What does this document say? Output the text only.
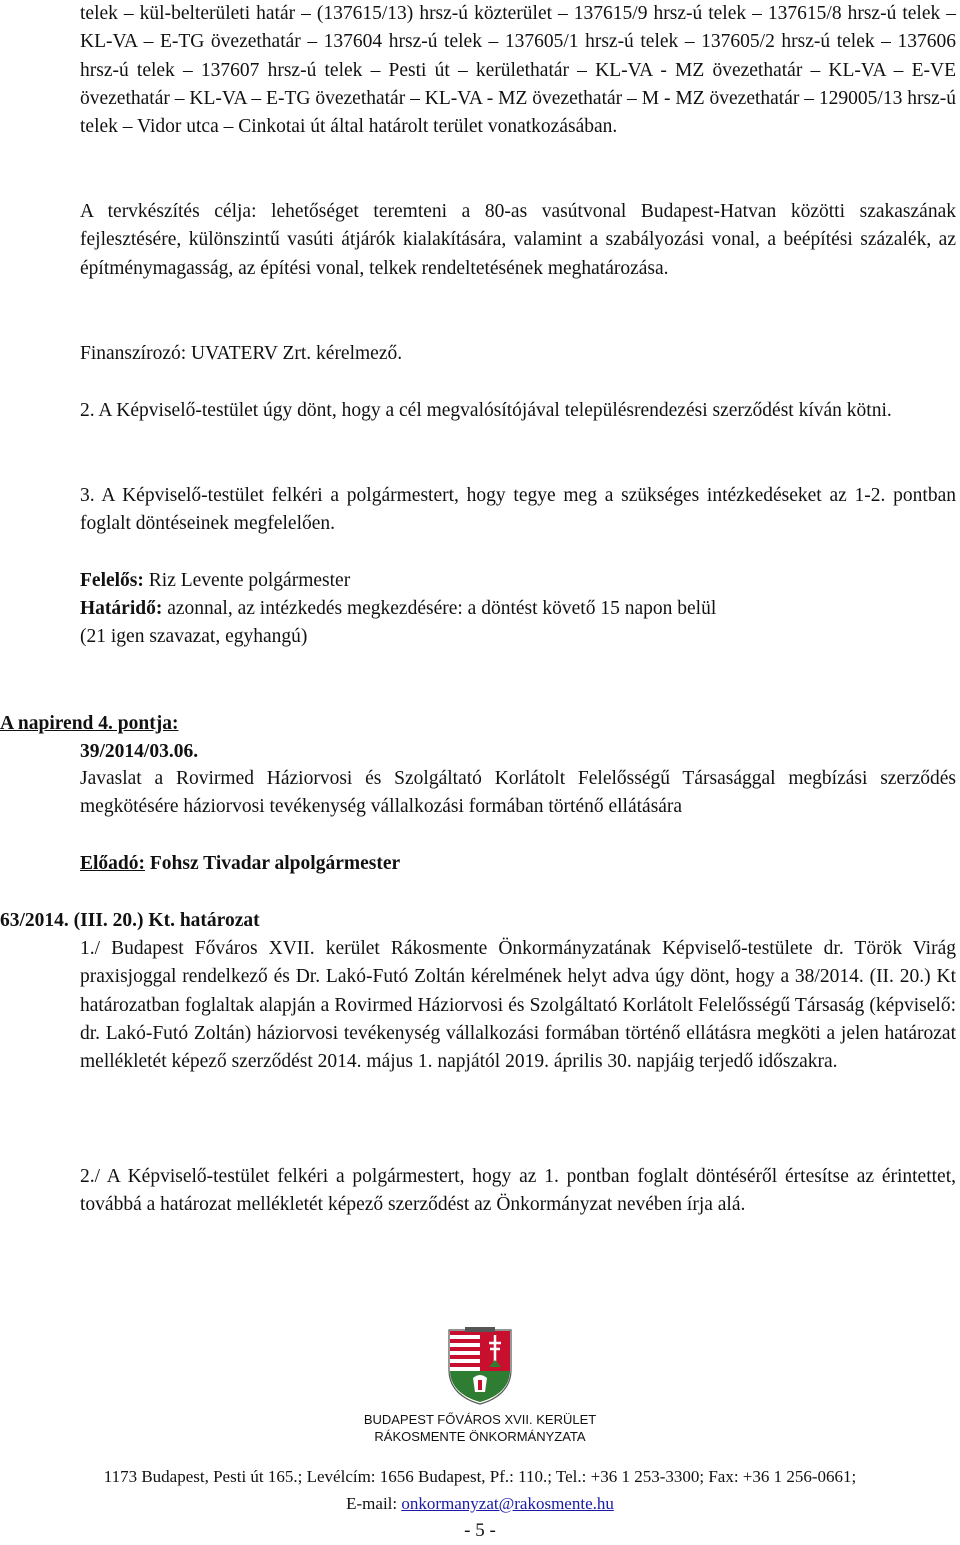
telek – kül-belterületi határ – (137615/13) hrsz-ú közterület – 137615/9 hrsz-ú telek – 137615/8 hrsz-ú telek – KL-VA – E-TG övezethatár – 137604 hrsz-ú telek – 137605/1 hrsz-ú telek – 137605/2 hrsz-ú telek – 137606 hrsz-ú telek – 137607 hrsz-ú telek – Pesti út – kerülethatár – KL-VA - MZ övezethatár – KL-VA – E-VE övezethatár – KL-VA – E-TG övezethatár – KL-VA - MZ övezethatár – M - MZ övezethatár – 129005/13 hrsz-ú telek – Vidor utca – Cinkotai út által határolt terület vonatkozásában.

A tervkészítés célja: lehetőséget teremteni a 80-as vasútvonal Budapest-Hatvan közötti szakaszának fejlesztésére, különszintű vasúti átjárók kialakítására, valamint a szabályozási vonal, a beépítési százalék, az építménymagasság, az építési vonal, telkek rendeltetésének meghatározása.

Finanszírozó: UVATERV Zrt. kérelmező.

2. A Képviselő-testület úgy dönt, hogy a cél megvalósítójával településrendezési szerződést kíván kötni.

3. A Képviselő-testület felkéri a polgármestert, hogy tegye meg a szükséges intézkedéseket az 1-2. pontban foglalt döntéseinek megfelelően.

Felelős: Riz Levente polgármester

Határidő: azonnal, az intézkedés megkezdésére: a döntést követő 15 napon belül

(21 igen szavazat, egyhangú)

A napirend 4. pontja:

39/2014/03.06.

Javaslat a Rovirmed Háziorvosi és Szolgáltató Korlátolt Felelősségű Társasággal megbízási szerződés megkötésére háziorvosi tevékenység vállalkozási formában történő ellátására

Előadó: Fohsz Tivadar alpolgármester

63/2014. (III. 20.) Kt. határozat

1./ Budapest Főváros XVII. kerület Rákosmente Önkormányzatának Képviselő-testülete dr. Török Virág praxisjoggal rendelkező és Dr. Lakó-Futó Zoltán kérelmének helyt adva úgy dönt, hogy a 38/2014. (II. 20.) Kt határozatban foglaltak alapján a Rovirmed Háziorvosi és Szolgáltató Korlátolt Felelősségű Társaság (képviselő: dr. Lakó-Futó Zoltán) háziorvosi tevékenység vállalkozási formában történő ellátásra megköti a jelen határozat mellékletét képező szerződést 2014. május 1. napjától 2019. április 30. napjáig terjedő időszakra.

2./ A Képviselő-testület felkéri a polgármestert, hogy az 1. pontban foglalt döntéséről értesítse az érintettet, továbbá a határozat mellékletét képező szerződést az Önkormányzat nevében írja alá.

BUDAPEST FŐVÁROS XVII. KERÜLET

RÁKOSMENTE ÖNKORMÁNYZATA

1173 Budapest, Pesti út 165.; Levélcím: 1656 Budapest, Pf.: 110.; Tel.: +36 1 253-3300; Fax: +36 1 256-0661;

E-mail: onkormanyzat@rakosmente.hu

- 5 -
